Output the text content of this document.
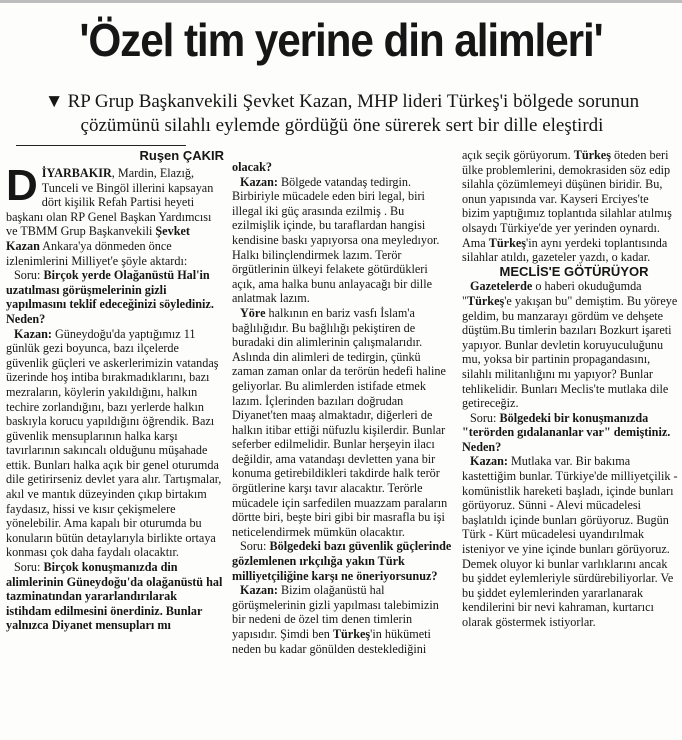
'Özel tim yerine din alimleri'
▼ RP Grup Başkanvekili Şevket Kazan, MHP lideri Türkeş'i bölgede sorunun çözümünü silahlı eylemde gördüğü öne sürerek sert bir dille eleştirdi
Ruşen ÇAKIR

DİYARBAKIR, Mardin, Elazığ, Tunceli ve Bingöl illerini kapsayan dört kişilik Refah Partisi heyeti başkanı olan RP Genel Başkan Yardımcısı ve TBMM Grup Başkanvekili Şevket Kazan Ankara'ya dönmeden önce izlenimlerini Milliyet'e şöyle aktardı:

Soru: Birçok yerde Olağanüstü Hal'in uzatılması görüşmelerinin gizli yapılmasını teklif edeceğinizi söylediniz. Neden?

Kazan: Güneydoğu'da yaptığımız 11 günlük gezi boyunca, bazı ilçelerde güvenlik güçleri ve askerlerimizin vatandaş üzerinde hoş intiba bırakmadıklarını, bazı mezraların, köylerin yakıldığını, halkın techire zorlandığını, bazı yerlerde halkın baskıyla korucu yapıldığını öğrendik. Bazı güvenlik mensuplarının halka karşı tavırlarının sakıncalı olduğunu müşahade ettik. Bunları halka açık bir genel oturumda dile getirirseniz devlet yara alır. Tartışmalar, akıl ve mantık düzeyinden çıkıp birtakım faydasız, hissi ve kısır çekişmelere yönelebilir. Ama kapalı bir oturumda bu konuların bütün detaylarıyla birlikte ortaya konması çok daha faydalı olacaktır.

Soru: Birçok konuşmanızda din alimlerinin Güneydoğu'da olağanüstü hal tazminatından yararlandırılarak istihdam edilmesini önerdiniz. Bunlar yalnızca Diyanet mensupları mı

olacak?

Kazan: Bölgede vatandaş tedirgin. Birbiriyle mücadele eden biri legal, biri illegal iki güç arasında ezilmiş . Bu ezilmişlik içinde, bu taraflardan hangisi kendisine baskı yapıyorsa ona meyledıyor. Halkı bilinçlendirmek lazım. Terör örgütlerinin ülkeyi felakete götürdükleri açık, ama halka bunu anlayacağı bir dille anlatmak lazım.

Yöre halkının en bariz vasfı İslam'a bağlılığıdır. Bu bağlılığı pekiştiren de buradaki din alimlerinin çalışmalarıdır. Aslında din alimleri de tedirgin, çünkü zaman zaman onlar da terörün hedefi haline geliyorlar. Bu alimlerden istifade etmek lazım. İçlerinden bazıları doğrudan Diyanet'ten maaş almaktadır, diğerleri de halkın itibar ettiği nüfuzlu kişilerdir. Bunlar seferber edilmelidir. Bunlar herşeyin ilacı değildir, ama vatandaşı devletten yana bir konuma getirebildikleri takdirde halk terör örgütlerine karşı tavır alacaktır. Terörle mücadele için sarfedilen muazzam paraların dörtte biri, beşte biri gibi bir masrafla bu işi neticelendirmek mümkün olacaktır.

Soru: Bölgedeki bazı güvenlik güçlerinde gözlemlenen ırkçılığa yakın Türk milliyetçiliğine karşı ne öneriyorsunuz?

Kazan: Bizim olağanüstü hal görüşmelerinin gizli yapılması talebimizin bir nedeni de özel tim denen timlerin yapısıdır. Şimdi ben Türkeş'in hükümeti neden bu kadar gönülden desteklediğini

açık seçik görüyorum. Türkeş öteden beri ülke problemlerini, demokrasiden söz edip silahla çözümlemeyi düşünen biridir. Bu, onun yapısında var. Kayseri Erciyes'te bizim yaptığımız toplantıda silahlar atılmış olsaydı Türkiye'de yer yerinden oynardı. Ama Türkeş'in aynı yerdeki toplantısında silahlar atıldı, gazeteler yazdı, o kadar.

MECLİS'E GÖTÜRÜYOR

Gazetelerde o haberi okuduğumda "Türkeş'e yakışan bu" demiştim. Bu yöreye geldim, bu manzarayı gördüm ve dehşete düştüm.Bu timlerin bazıları Bozkurt işareti yapıyor. Bunlar devletin koruyuculuğunu mu, yoksa bir partinin propagandasını, silahlı militanlığını mı yapıyor? Bunlar tehlikelidir. Bunları Meclis'te mutlaka dile getireceğiz.

Soru: Bölgedeki bir konuşmanızda "terörden gıdalananlar var" demiştiniz. Neden?

Kazan: Mutlaka var. Bir bakıma kastettiğim bunlar. Türkiye'de milliyetçilik - komünistlik hareketi başladı, içinde bunları görüyoruz. Sünni - Alevi mücadelesi başlatıldı içinde bunları görüyoruz. Bugün Türk - Kürt mücadelesi uyandırılmak isteniyor ve yine içinde bunları görüyoruz. Demek oluyor ki bunlar varlıklarını ancak bu şiddet eylemleriyle sürdürebiliyorlar. Ve bu şiddet eylemlerinden yararlanarak kendilerini bir nevi kahraman, kurtarıcı olarak göstermek istiyorlar.
